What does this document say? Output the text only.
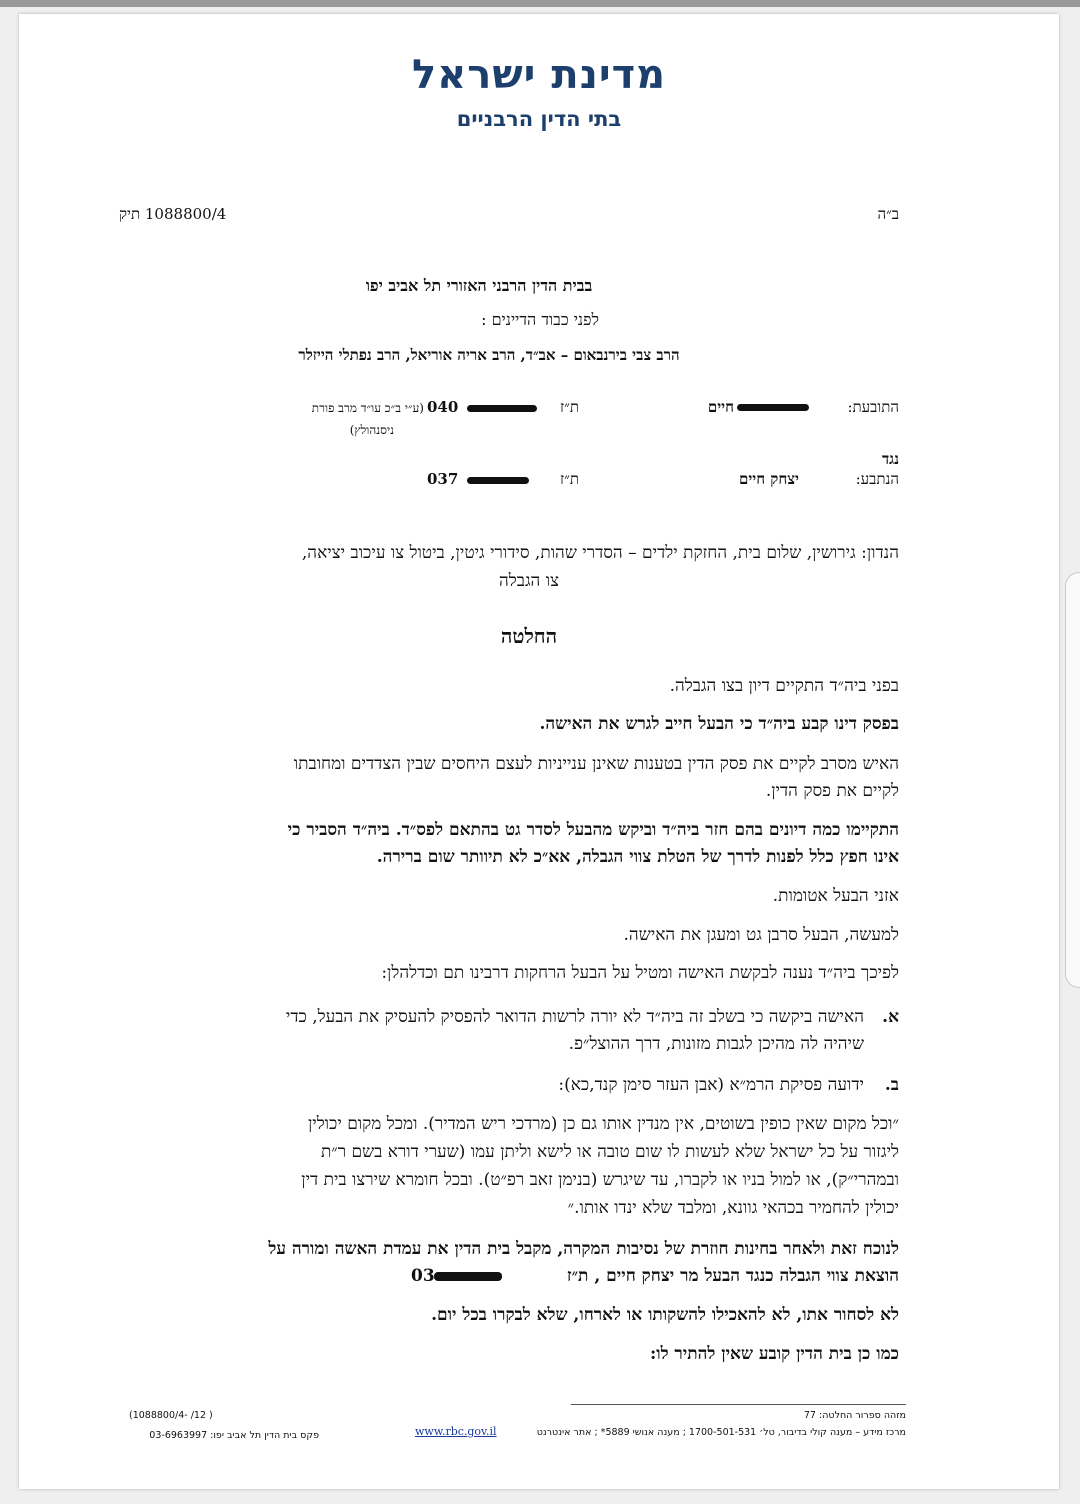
מדינת ישראל
בתי הדין הרבניים
ב״ה
1088800/4 תיק
בבית הדין הרבני האזורי תל אביב יפו
לפני כבוד הדיינים :
הרב צבי בירנבאום – אב״ד, הרב אריה אוריאל, הרב נפתלי הייזלר
התובעת:
חיים
ת״ז
040
(ע״י ב״כ עו״ד מרב פורת
ניסנהולץ)
נגד
הנתבע:
יצחק חיים
ת״ז
037
הנדון: גירושין, שלום בית, החזקת ילדים – הסדרי שהות, סידורי גיטין, ביטול צו עיכוב יציאה,
צו הגבלה
החלטה
בפני ביה״ד התקיים דיון בצו הגבלה.
בפסק דינו קבע ביה״ד כי הבעל חייב לגרש את האישה.
האיש מסרב לקיים את פסק הדין בטענות שאינן ענייניות לעצם היחסים שבין הצדדים ומחובתו
לקיים את פסק הדין.
התקיימו כמה דיונים בהם חזר ביה״ד וביקש מהבעל לסדר גט בהתאם לפס״ד. ביה״ד הסביר כי
אינו חפץ כלל לפנות לדרך של הטלת צווי הגבלה, אא״כ לא תיוותר שום ברירה.
אזני הבעל אטומות.
למעשה, הבעל סרבן גט ומעגן את האישה.
לפיכך ביה״ד נענה לבקשת האישה ומטיל על הבעל הרחקות דרבינו תם וכדלהלן:
א.
האישה ביקשה כי בשלב זה ביה״ד לא יורה לרשות הדואר להפסיק להעסיק את הבעל, כדי
שיהיה לה מהיכן לגבות מזונות, דרך ההוצל״פ.
ב.
ידועה פסיקת הרמ״א (אבן העזר סימן קנד,כא):
״וכל מקום שאין כופין בשוטים, אין מנדין אותו גם כן (מרדכי ריש המדיר). ומכל מקום יכולין
ליגזור על כל ישראל שלא לעשות לו שום טובה או לישא וליתן עמו (שערי דורא בשם ר״ת
ובמהרי״ק), או למול בניו או לקברו, עד שיגרש (בנימן זאב רפ״ט). ובכל חומרא שירצו בית דין
יכולין להחמיר בכהאי גוונא, ומלבד שלא ינדו אותו.״
לנוכח זאת ולאחר בחינות חוזרת של נסיבות המקרה, מקבל בית הדין את עמדת האשה ומורה על
הוצאת צווי הגבלה כנגד הבעל מר יצחק חיים , ת״ז
03
לא לסחור אתו, לא להאכילו להשקותו או לארחו, שלא לבקרו בכל יום.
כמו כן בית הדין קובע שאין להתיר לו:
מזהה ספרור החלטה: 77
מרכז מידע – מענה קולי בדיבור, טל׳ 1700-501-531 ; מענה אנושי 5889* ; אתר אינטרנט
www.rbc.gov.il
(1088800/4- /12 )
פקס בית הדין תל אביב יפו: 03-6963997
